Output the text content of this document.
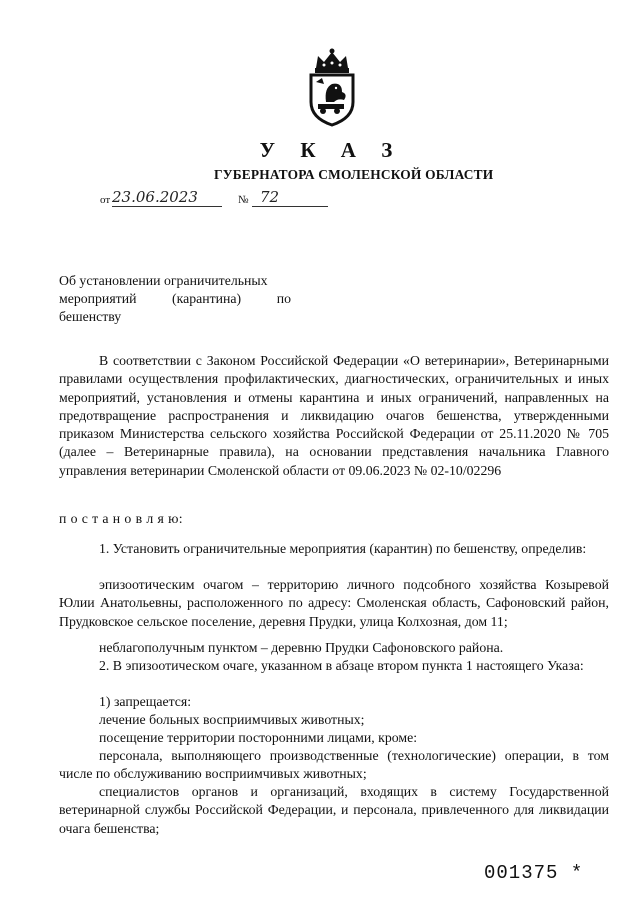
У К А З
ГУБЕРНАТОРА СМОЛЕНСКОЙ ОБЛАСТИ
от 23.06.2023	№ 72
Об установлении ограничительных
мероприятий	(карантина)	по
бешенству
В соответствии с Законом Российской Федерации «О ветеринарии», Ветеринарными правилами осуществления профилактических, диагностических, ограничительных и иных мероприятий, установления и отмены карантина и иных ограничений, направленных на предотвращение распространения и ликвидацию очагов бешенства, утвержденными приказом Министерства сельского хозяйства Российской Федерации от 25.11.2020 № 705 (далее – Ветеринарные правила), на основании представления начальника Главного управления ветеринарии Смоленской области от 09.06.2023 № 02-10/02296
п о с т а н о в л я ю:
1. Установить ограничительные мероприятия (карантин) по бешенству, определив:
эпизоотическим очагом – территорию личного подсобного хозяйства Козыревой Юлии Анатольевны, расположенного по адресу: Смоленская область, Сафоновский район, Прудковское сельское поселение, деревня Прудки, улица Колхозная, дом 11;
неблагополучным пунктом – деревню Прудки Сафоновского района.
2. В эпизоотическом очаге, указанном в абзаце втором пункта 1 настоящего Указа:
1) запрещается:
лечение больных восприимчивых животных;
посещение территории посторонними лицами, кроме:
персонала, выполняющего производственные (технологические) операции, в том числе по обслуживанию восприимчивых животных;
специалистов органов и организаций, входящих в систему Государственной ветеринарной службы Российской Федерации, и персонала, привлеченного для ликвидации очага бешенства;
001375 *
